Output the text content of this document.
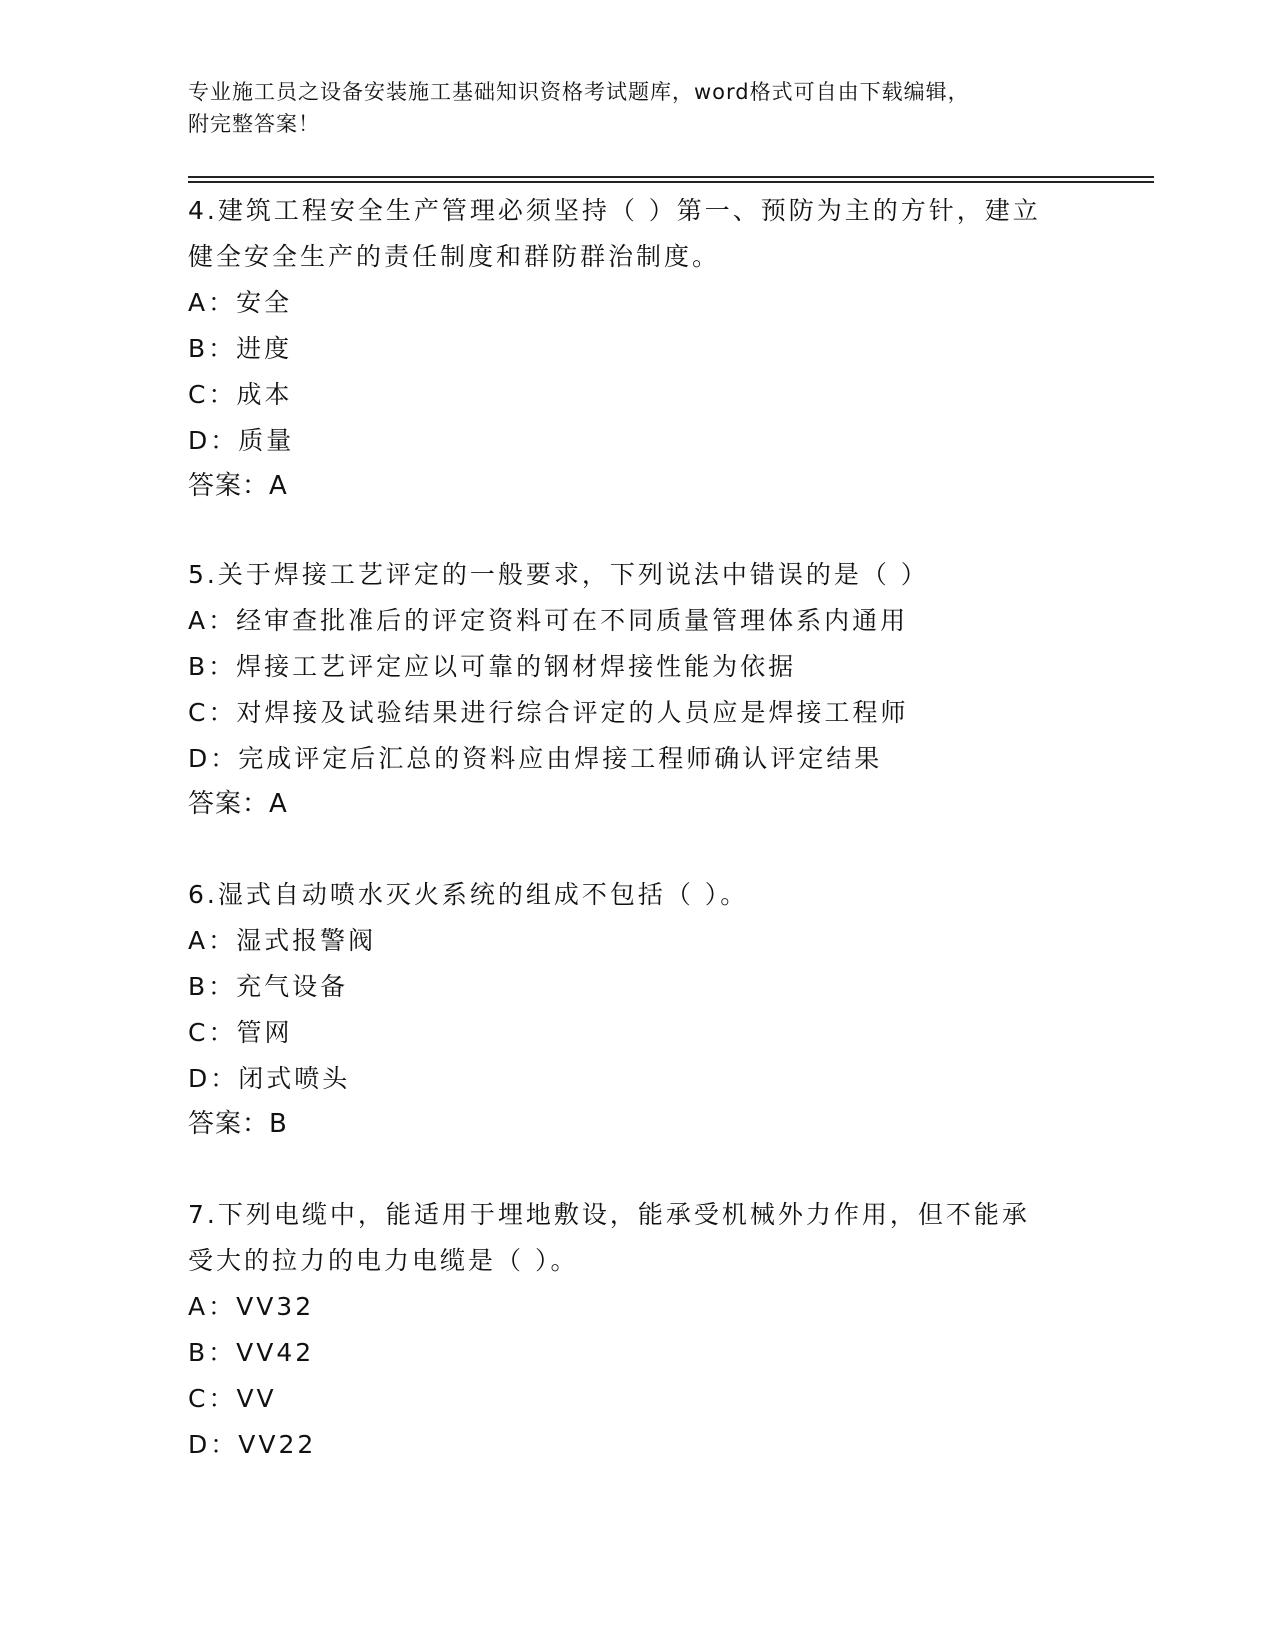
专业施工员之设备安装施工基础知识资格考试题库，word格式可自由下载编辑，
附完整答案！

4.建筑工程安全生产管理必须坚持（ ）第一、预防为主的方针，建立

健全安全生产的责任制度和群防群治制度。

A：安全

B：进度

C：成本

D：质量

答案：A

5.关于焊接工艺评定的一般要求，下列说法中错误的是（ ）

A：经审查批准后的评定资料可在不同质量管理体系内通用

B：焊接工艺评定应以可靠的钢材焊接性能为依据

C：对焊接及试验结果进行综合评定的人员应是焊接工程师

D：完成评定后汇总的资料应由焊接工程师确认评定结果

答案：A

6.湿式自动喷水灭火系统的组成不包括（ ）。

A：湿式报警阀

B：充气设备

C：管网

D：闭式喷头

答案：B

7.下列电缆中，能适用于埋地敷设，能承受机械外力作用，但不能承

受大的拉力的电力电缆是（ ）。

A：VV32

B：VV42

C：VV

D：VV22
